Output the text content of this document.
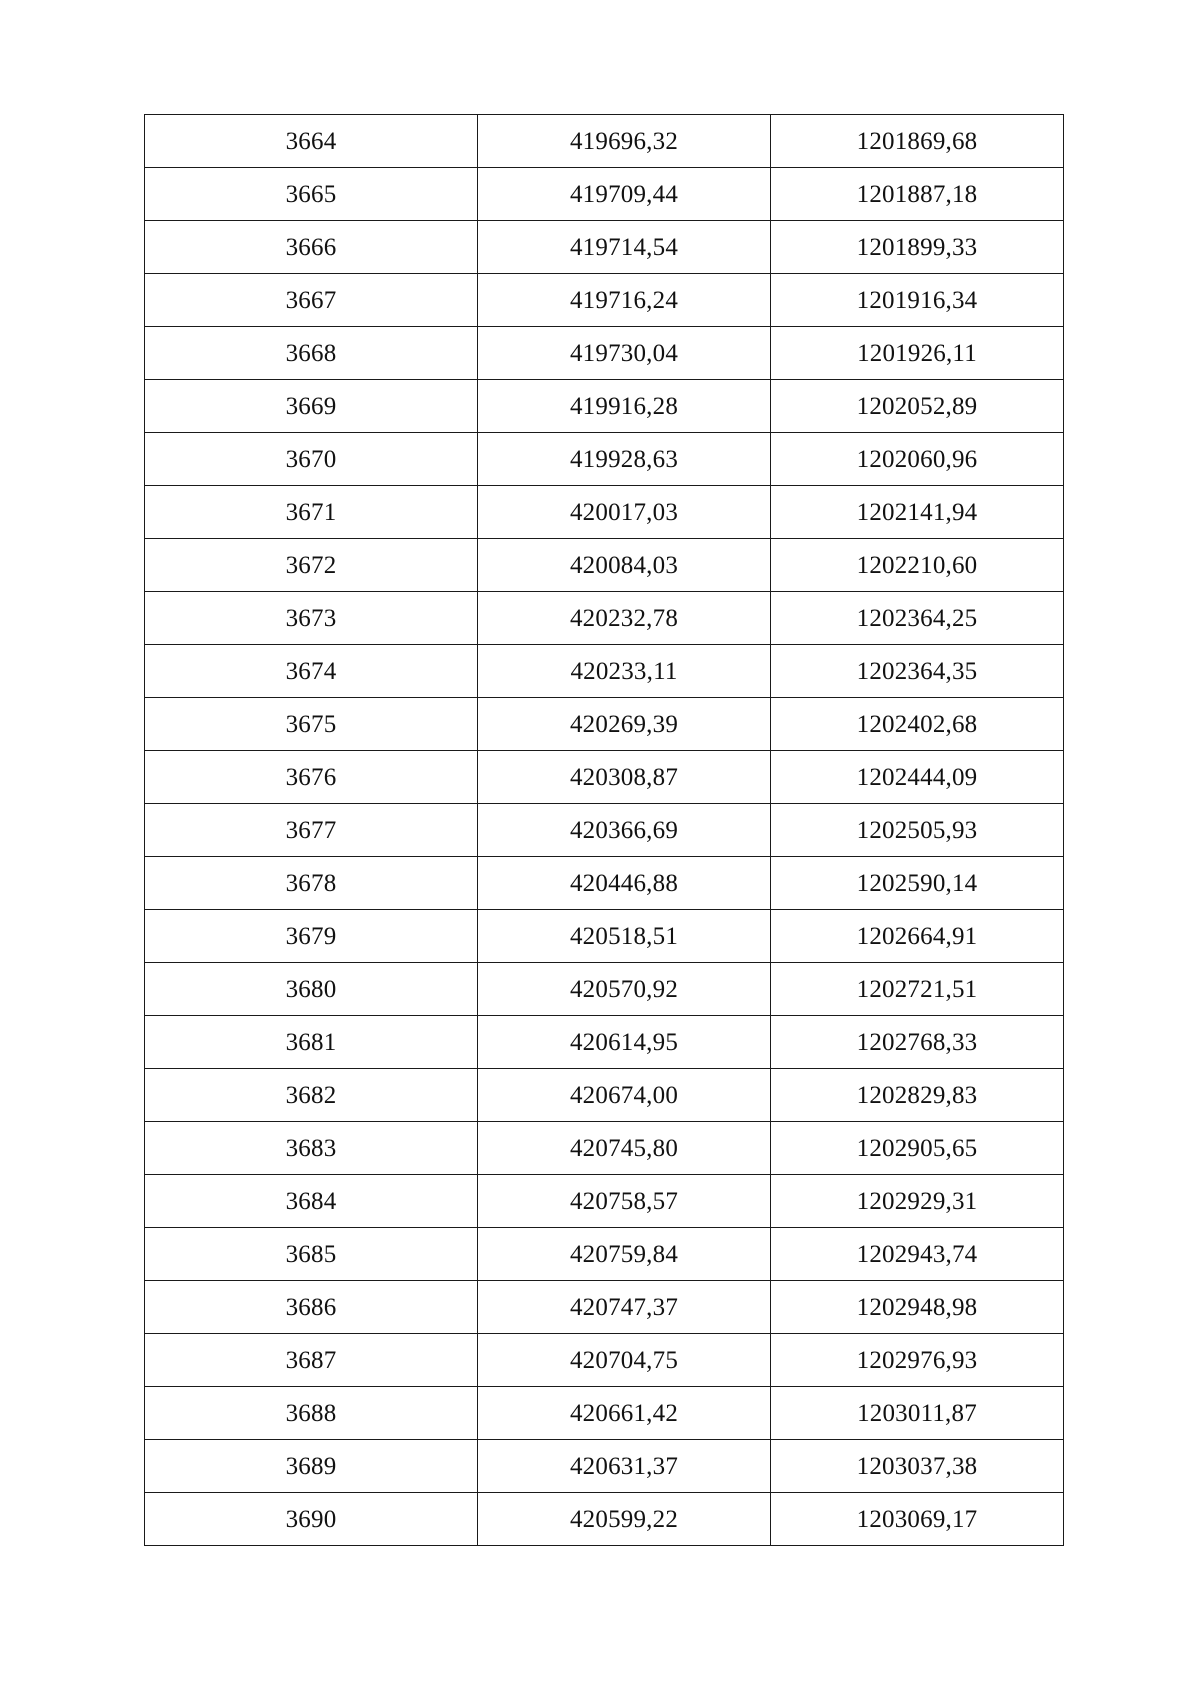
3664	419696,32	1201869,68
3665	419709,44	1201887,18
3666	419714,54	1201899,33
3667	419716,24	1201916,34
3668	419730,04	1201926,11
3669	419916,28	1202052,89
3670	419928,63	1202060,96
3671	420017,03	1202141,94
3672	420084,03	1202210,60
3673	420232,78	1202364,25
3674	420233,11	1202364,35
3675	420269,39	1202402,68
3676	420308,87	1202444,09
3677	420366,69	1202505,93
3678	420446,88	1202590,14
3679	420518,51	1202664,91
3680	420570,92	1202721,51
3681	420614,95	1202768,33
3682	420674,00	1202829,83
3683	420745,80	1202905,65
3684	420758,57	1202929,31
3685	420759,84	1202943,74
3686	420747,37	1202948,98
3687	420704,75	1202976,93
3688	420661,42	1203011,87
3689	420631,37	1203037,38
3690	420599,22	1203069,17
